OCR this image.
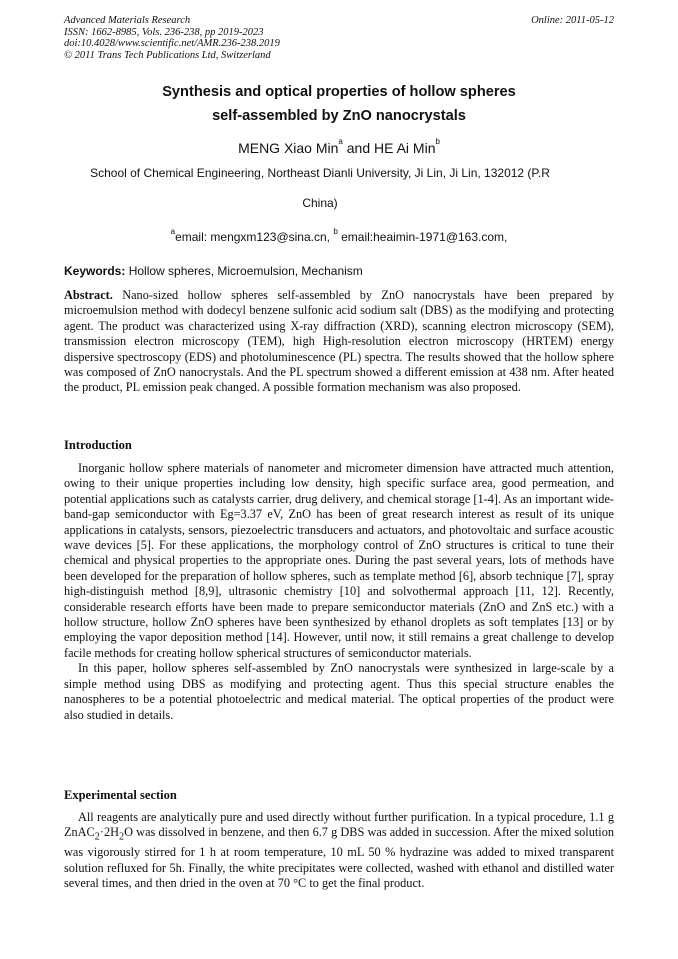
Advanced Materials Research
ISSN: 1662-8985, Vols. 236-238, pp 2019-2023
doi:10.4028/www.scientific.net/AMR.236-238.2019
© 2011 Trans Tech Publications Ltd, Switzerland
Online: 2011-05-12
Synthesis and optical properties of hollow spheres
self-assembled by ZnO nanocrystals
MENG Xiao Min$^a$ and HE Ai Min$^b$
School of Chemical Engineering, Northeast Dianli University, Ji Lin, Ji Lin, 132012 (P.R China)
$^a$email: mengxm123@sina.cn, $^b$ email:heaimin-1971@163.com,
Keywords: Hollow spheres, Microemulsion, Mechanism

Abstract. Nano-sized hollow spheres self-assembled by ZnO nanocrystals have been prepared by microemulsion method with dodecyl benzene sulfonic acid sodium salt (DBS) as the modifying and protecting agent. The product was characterized using X-ray diffraction (XRD), scanning electron microscopy (SEM), transmission electron microscopy (TEM), high High-resolution electron microscopy (HRTEM) energy dispersive spectroscopy (EDS) and photoluminescence (PL) spectra. The results showed that the hollow sphere was composed of ZnO nanocrystals. And the PL spectrum showed a different emission at 438 nm. After heated the product, PL emission peak changed. A possible formation mechanism was also proposed.

Introduction

Inorganic hollow sphere materials of nanometer and micrometer dimension have attracted much attention, owing to their unique properties including low density, high specific surface area, good permeation, and potential applications such as catalysts carrier, drug delivery, and chemical storage [1-4]. As an important wide-band-gap semiconductor with Eg=3.37 eV, ZnO has been of great research interest as result of its unique applications in catalysts, sensors, piezoelectric transducers and actuators, and photovoltaic and surface acoustic wave devices [5]. For these applications, the morphology control of ZnO structures is critical to tune their chemical and physical properties to the appropriate ones. During the past several years, lots of methods have been developed for the preparation of hollow spheres, such as template method [6], absorb technique [7], spray high-distinguish method [8,9], ultrasonic chemistry [10] and solvothermal approach [11, 12]. Recently, considerable research efforts have been made to prepare semiconductor materials (ZnO and ZnS etc.) with a hollow structure, hollow ZnO spheres have been synthesized by ethanol droplets as soft templates [13] or by employing the vapor deposition method [14]. However, until now, it still remains a great challenge to develop facile methods for creating hollow spherical structures of semiconductor materials.

In this paper, hollow spheres self-assembled by ZnO nanocrystals were synthesized in large-scale by a simple method using DBS as modifying and protecting agent. Thus this special structure enables the nanospheres to be a potential photoelectric and medical material. The optical properties of the product were also studied in details.

Experimental section

All reagents are analytically pure and used directly without further purification. In a typical procedure, 1.1 g $ZnAC_2\cdot 2H_2O$ was dissolved in benzene, and then 6.7 g DBS was added in succession. After the mixed solution was vigorously stirred for 1 h at room temperature, 10 mL 50 % hydrazine was added to mixed transparent solution refluxed for 5h. Finally, the white precipitates were collected, washed with ethanol and distilled water several times, and then dried in the oven at 70 °C to get the final product.
